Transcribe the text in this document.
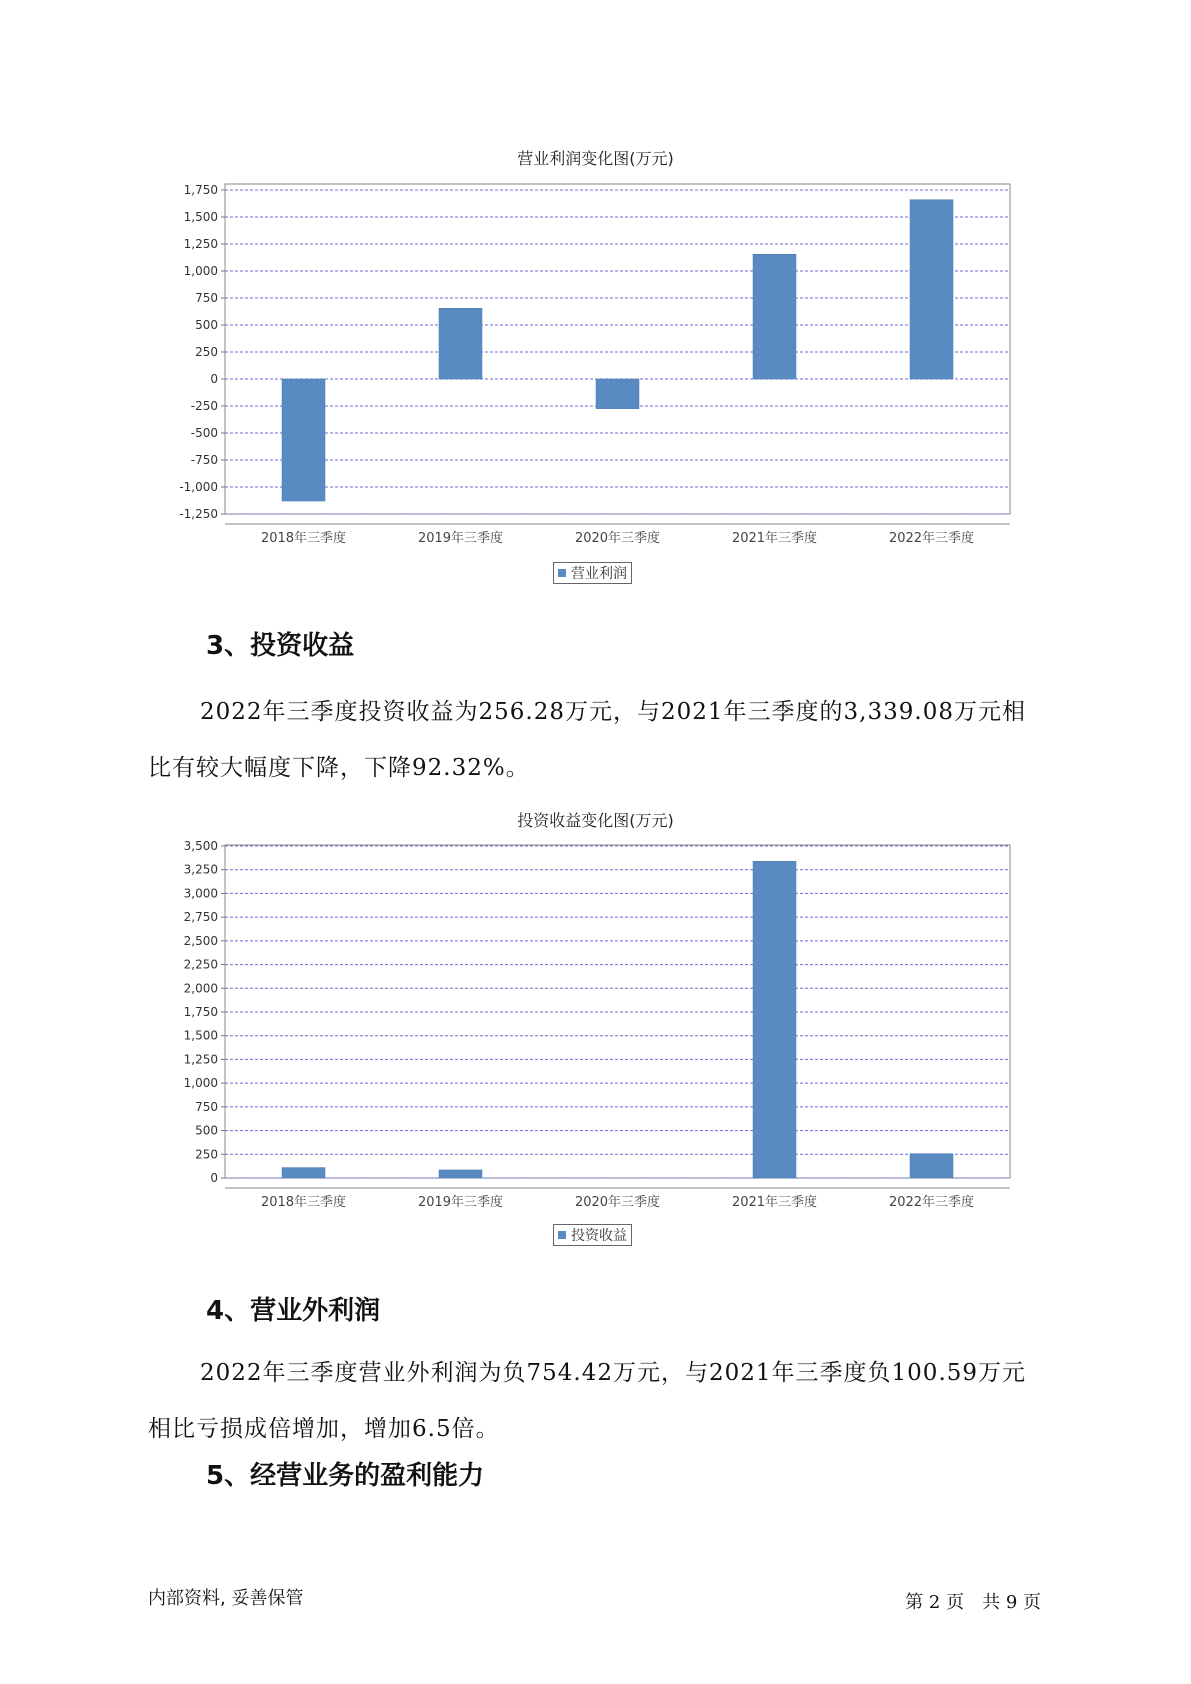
营业利润变化图(万元)
1,750
1,500
1,250
1,000
750
500
250
0
-250
-500
-750
-1,000
-1,250
2018年三季度	2019年三季度	2020年三季度	2021年三季度	2022年三季度
营业利润
3、投资收益
2022年三季度投资收益为256.28万元，与2021年三季度的3,339.08万元相比有较大幅度下降，下降92.32%。
投资收益变化图(万元)
3,500
3,250
3,000
2,750
2,500
2,250
2,000
1,750
1,500
1,250
1,000
750
500
250
0
2018年三季度	2019年三季度	2020年三季度	2021年三季度	2022年三季度
投资收益
4、营业外利润
2022年三季度营业外利润为负754.42万元，与2021年三季度负100.59万元相比亏损成倍增加，增加6.5倍。
5、经营业务的盈利能力
内部资料, 妥善保管	第 2 页　共 9 页
